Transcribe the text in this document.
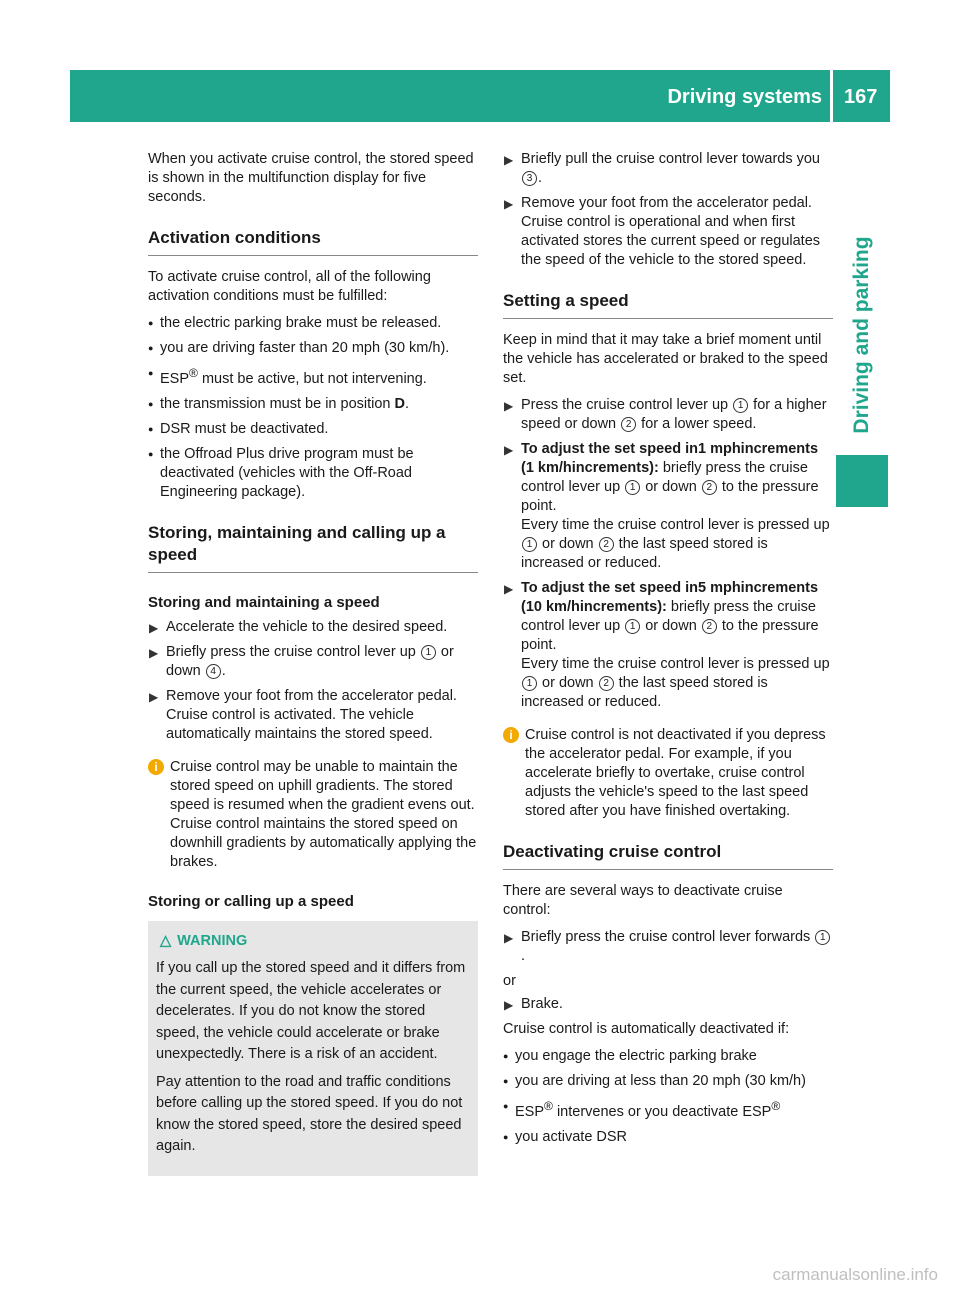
Driving systems 167
Driving and parking

When you activate cruise control, the stored speed is shown in the multifunction display for five seconds.

Activation conditions

To activate cruise control, all of the following activation conditions must be fulfilled:

● the electric parking brake must be released.
● you are driving faster than 20 mph (30 km/h).
● ESP® must be active, but not intervening.
● the transmission must be in position D.
● DSR must be deactivated.
● the Offroad Plus drive program must be deactivated (vehicles with the Off-Road Engineering package).
Storing, maintaining and calling up a speed
Storing and maintaining a speed
▶ Accelerate the vehicle to the desired speed.
▶ Briefly press the cruise control lever up 1 or down 4 .
▶ Remove your foot from the accelerator pedal. Cruise control is activated. The vehicle automatically maintains the stored speed.
i Cruise control may be unable to maintain the stored speed on uphill gradients. The stored speed is resumed when the gradient evens out. Cruise control maintains the stored speed on downhill gradients by automatically applying the brakes.
Storing or calling up a speed
△ WARNING

If you call up the stored speed and it differs from the current speed, the vehicle accelerates or decelerates. If you do not know the stored speed, the vehicle could accelerate or brake unexpectedly. There is a risk of an accident.

Pay attention to the road and traffic conditions before calling up the stored speed. If you do not know the stored speed, store the desired speed again.

▶ Briefly pull the cruise control lever towards you 3 .
▶ Remove your foot from the accelerator pedal. Cruise control is operational and when first activated stores the current speed or regulates the speed of the vehicle to the stored speed.
Setting a speed

Keep in mind that it may take a brief moment until the vehicle has accelerated or braked to the speed set.

▶ Press the cruise control lever up 1 for a higher speed or down 2 for a lower speed.
▶ To adjust the set speed in1 mphincrements (1 km/hincrements): briefly press the cruise control lever up 1 or down 2 to the pressure point.
Every time the cruise control lever is pressed up 1 or down 2 the last speed stored is increased or reduced.
▶ To adjust the set speed in5 mphincrements (10 km/hincrements): briefly press the cruise control lever up 1 or down 2 to the pressure point.
Every time the cruise control lever is pressed up 1 or down 2 the last speed stored is increased or reduced.
i Cruise control is not deactivated if you depress the accelerator pedal. For example, if you accelerate briefly to overtake, cruise control adjusts the vehicle's speed to the last speed stored after you have finished overtaking.
Deactivating cruise control

There are several ways to deactivate cruise control:

▶ Briefly press the cruise control lever forwards 1.

or

▶ Brake.

Cruise control is automatically deactivated if:

● you engage the electric parking brake
● you are driving at less than 20 mph (30 km/h)
● ESP® intervenes or you deactivate ESP®
● you activate DSR
carmanualsonline.info
